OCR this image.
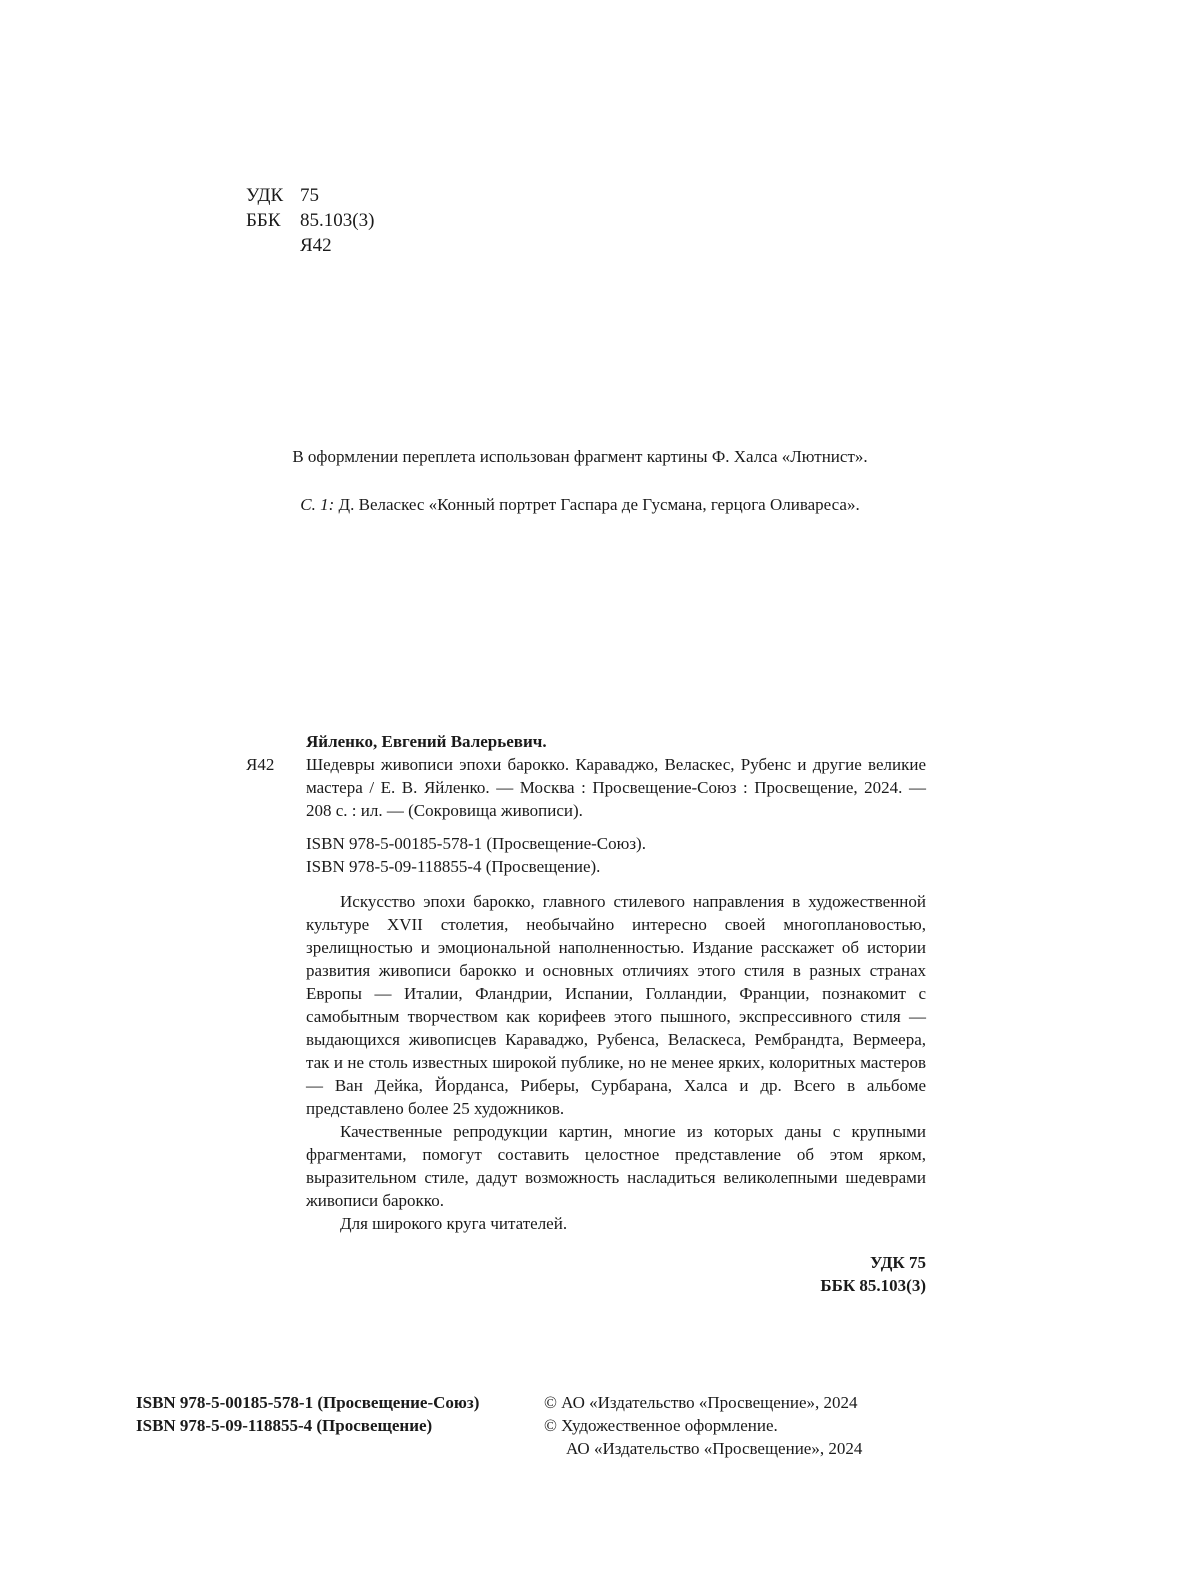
УДК 75
ББК	85.103(3)
Я42
В оформлении переплета использован фрагмент картины Ф. Халса «Лютнист».
С. 1: Д. Веласкес «Конный портрет Гаспара де Гусмана, герцога Оливареса».
Яйленко, Евгений Валерьевич.
Я42	Шедевры живописи эпохи барокко. Караваджо, Веласкес, Рубенс и другие великие мастера / Е. В. Яйленко. — Москва : Просвещение-Союз : Просвещение, 2024. — 208 с. : ил. — (Сокровища живописи).
ISBN 978-5-00185-578-1 (Просвещение-Союз).
ISBN 978-5-09-118855-4 (Просвещение).

Искусство эпохи барокко, главного стилевого направления в художественной культуре XVII столетия, необычайно интересно своей многоплановостью, зрелищностью и эмоциональной наполненностью. Издание расскажет об истории развития живописи барокко и основных отличиях этого стиля в разных странах Европы — Италии, Фландрии, Испании, Голландии, Франции, познакомит с самобытным творчеством как корифеев этого пышного, экспрессивного стиля — выдающихся живописцев Караваджо, Рубенса, Веласкеса, Рембрандта, Вермеера, так и не столь известных широкой публике, но не менее ярких, колоритных мастеров — Ван Дейка, Йорданса, Риберы, Сурбарана, Халса и др. Всего в альбоме представлено более 25 художников.

Качественные репродукции картин, многие из которых даны с крупными фрагментами, помогут составить целостное представление об этом ярком, выразительном стиле, дадут возможность насладиться великолепными шедеврами живописи барокко.

Для широкого круга читателей.

УДК 75
ББК 85.103(3)
ISBN 978-5-00185-578-1 (Просвещение-Союз)
ISBN 978-5-09-118855-4 (Просвещение)
© АО «Издательство «Просвещение», 2024
© Художественное оформление.
АО «Издательство «Просвещение», 2024
